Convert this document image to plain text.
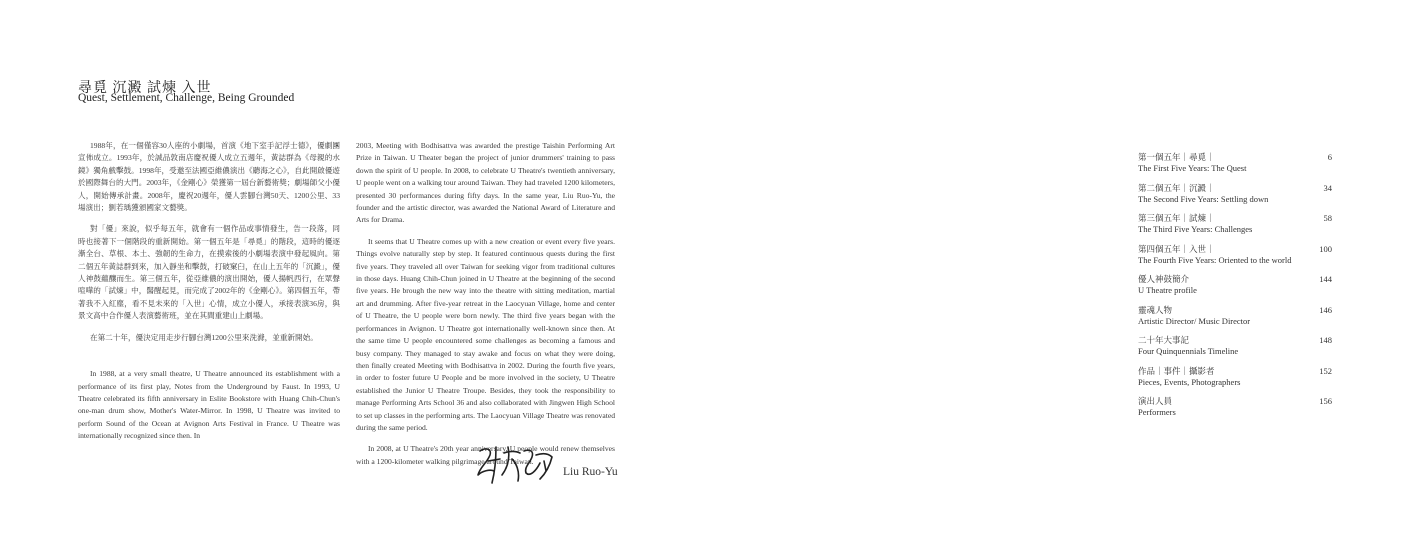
尋覓 沉澱 試煉 入世
Quest, Settlement, Challenge, Being Grounded

1988年，在一個僅容30人座的小劇場，首演《地下室手記浮士德》，優劇團宣佈成立。1993年，於誠品敦南店慶祝優人成立五週年，黃誌群為《母親的水鏡》獨角戲擊鼓。1998年，受邀至法國亞維儂演出《聽海之心》，自此開啟優遊於國際舞台的大門。2003年，《金剛心》榮獲第一屆台新藝術獎；劇場師父小優人，開始傳承計畫。2008年，慶祝20週年，優人雲腳台灣50天、1200公里、33場演出；劉若瑀獲頒國家文藝獎。

對「優」來說，似乎每五年，就會有一個作品或事情發生，告一段落，同時也接著下一個階段的重新開始。第一個五年是「尋覓」的階段，這時的優逐漸全台、草根、本土、強韌的生命力，在摸索後的小劇場表演中發起風向。第二個五年黃誌群到來，加入靜坐和擊鼓，打破窠臼，在山上五年的「沉澱」，優人神鼓蘊釀而生。第三個五年，從亞維儂的演出開始，優人揚帆西行，在眾聲喧嘩的「試煉」中，醫醒起見，而完成了2002年的《金剛心》。第四個五年，帶著我不入紅塵，看不見未來的「入世」心情，成立小優人，承接表演36房，與景文高中合作優人表演藝術班，並在其間重建山上劇場。

在第二十年，優決定用走步行腳台灣1200公里來洗滌，並重新開始。

In 1988, at a very small theatre, U Theatre announced its establishment with a performance of its first play, Notes from the Underground by Faust. In 1993, U Theatre celebrated its fifth anniversary in Eslite Bookstore with Huang Chih-Chun's one-man drum show, Mother's Water-Mirror. In 1998, U Theatre was invited to perform Sound of the Ocean at Avignon Arts Festival in France. U Theatre was internationally recognized since then. In

2003, Meeting with Bodhisattva was awarded the prestige Taishin Performing Art Prize in Taiwan. U Theater began the project of junior drummers' training to pass down the spirit of U people. In 2008, to celebrate U Theatre's twentieth anniversary, U people went on a walking tour around Taiwan. They had traveled 1200 kilometers, presented 30 performances during fifty days. In the same year, Liu Ruo-Yu, the founder and the artistic director, was awarded the National Award of Literature and Arts for Drama.

It seems that U Theatre comes up with a new creation or event every five years. Things evolve naturally step by step. It featured continuous quests during the first five years. They traveled all over Taiwan for seeking vigor from traditional cultures in those days. Huang Chih-Chun joined in U Theatre at the beginning of the second five years. He brough the new way into the theatre with sitting meditation, martial art and drumming. After five-year retreat in the Laocyuan Village, home and center of U Theatre, the U people were born newly. The third five years began with the performances in Avignon. U Theatre got internationally well-known since then. At the same time U people encountered some challenges as becoming a famous and busy company. They managed to stay awake and focus on what they were doing, then finally created Meeting with Bodhisattva in 2002. During the fourth five years, in order to foster future U People and be more involved in the society, U Theatre established the Junior U Theatre Troupe. Besides, they took the responsibility to manage Performing Arts School 36 and also collaborated with Jingwen High School to set up classes in the performing arts. The Laocyuan Village Theatre was renovated during the same period.

In 2008, at U Theatre's 20th year anniversary, U people would renew themselves with a 1200-kilometer walking pilgrimage around Taiwan.

Liu Ruo-Yu
第一個五年｜尋覓｜
The First Five Years: The Quest
6
第二個五年｜沉澱｜
The Second Five Years: Settling down
34
第三個五年｜試煉｜
The Third Five Years: Challenges
58
第四個五年｜入世｜
The Fourth Five Years: Oriented to the world
100
優人神鼓簡介
U Theatre profile
144
靈魂人物
Artistic Director/ Music Director
146
二十年大事記
Four Quinquennials Timeline
148
作品｜事件｜攝影者
Pieces, Events, Photographers
152
演出人員
Performers
156
